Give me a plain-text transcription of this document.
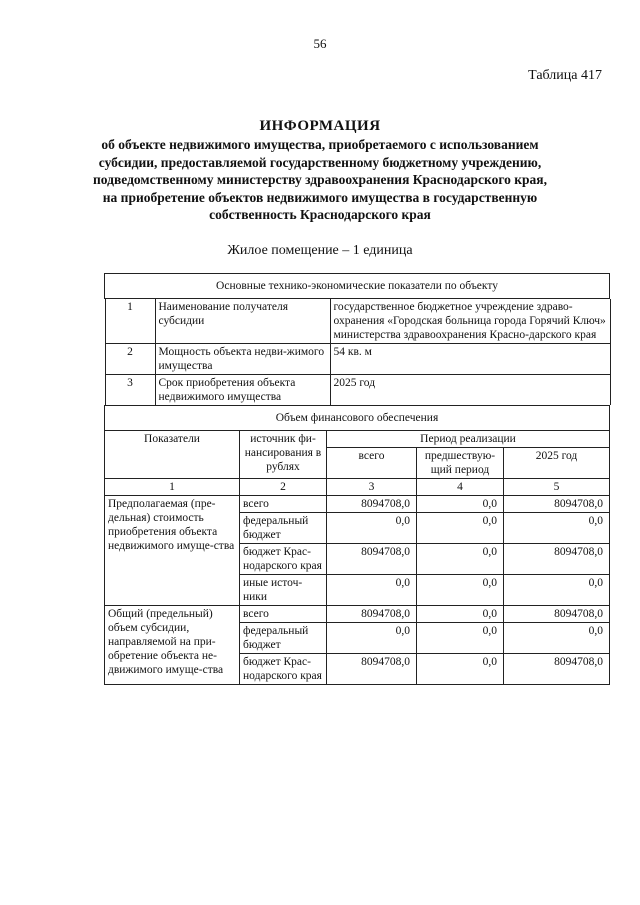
56
Таблица 417
ИНФОРМАЦИЯ
об объекте недвижимого имущества, приобретаемого с использованием
субсидии, предоставляемой государственному бюджетному учреждению,
подведомственному министерству здравоохранения Краснодарского края,
на приобретение объектов недвижимого имущества в государственную
собственность Краснодарского края
Жилое помещение – 1 единица
Основные технико-экономические показатели по объекту

1	Наименование получателя субсидии	государственное бюджетное учреждение здраво-охранения «Городская больница города Горячий Ключ» министерства здравоохранения Красно-дарского края
2	Мощность объекта недви-жимого имущества	54 кв. м
3	Срок приобретения объекта недвижимого имущества	2025 год

Объем финансового обеспечения
Показатели	источник фи-нансирования в рублях	Период реализации
всего	предшествую-щий период	2025 год
1	2	3	4	5
Предполагаемая (пре-дельная) стоимость приобретения объекта недвижимого имуще-ства	всего	8094708,0	0,0	8094708,0
федеральный бюджет	0,0	0,0	0,0
бюджет Крас-нодарского края	8094708,0	0,0	8094708,0
иные источ-ники	0,0	0,0	0,0
Общий (предельный) объем субсидии, направляемой на при-обретение объекта не-движимого имуще-ства	всего	8094708,0	0,0	8094708,0
федеральный бюджет	0,0	0,0	0,0
бюджет Крас-нодарского края	8094708,0	0,0	8094708,0
